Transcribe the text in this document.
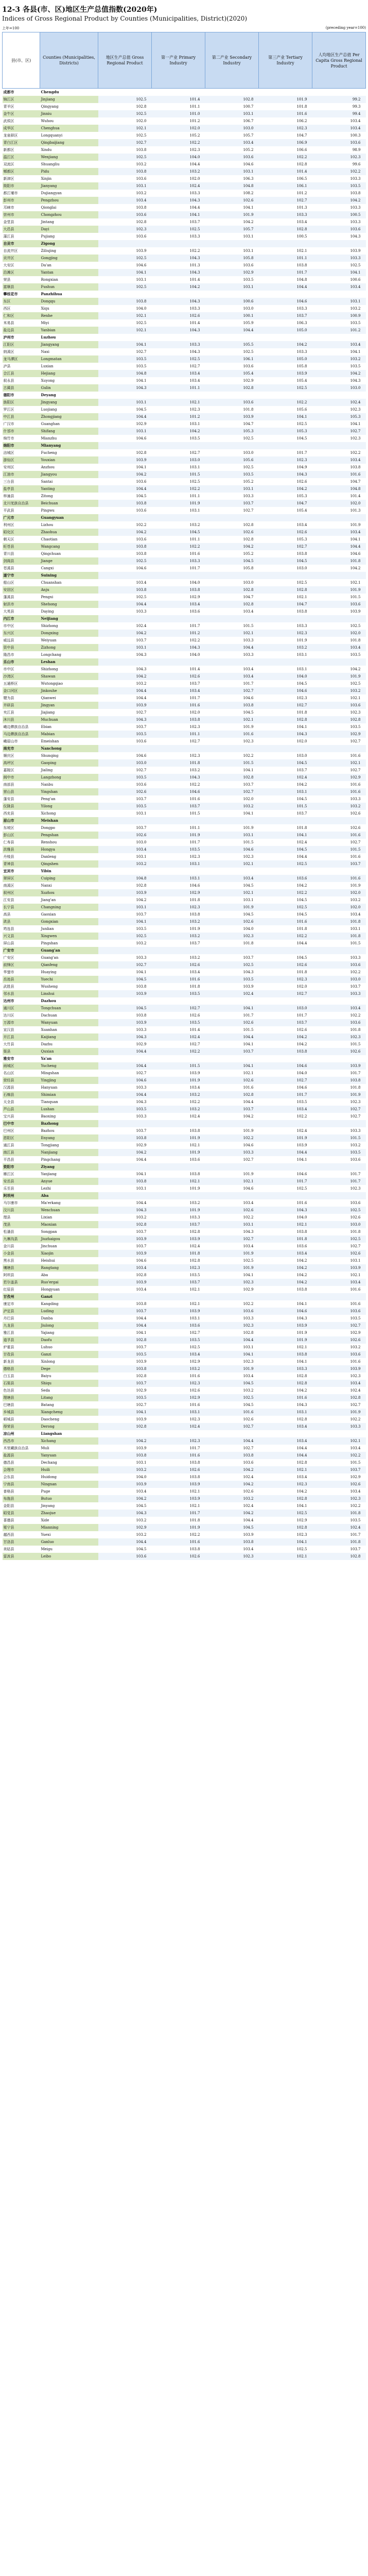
12-3 各县(市、区)地区生产总值指数(2020年)
Indices of Gross Regional Product by Counties (Municipalities, District)(2020)
上年=100	(preceding year=100)
县(市、区)	Counties (Municipalities, Districts)	地区生产总值 Gross Regional Product	第一产业 Primary Industry	第二产业 Secondary Industry	第三产业 Tertiary Industry	人均地区生产总值 Per Capita Gross Regional Product
成都市	Chengdu					
锦江区	Jinjiang	102.5	101.4	102.8	101.9	99.2
青羊区	Qingyang	102.8	101.1	100.7	101.8	99.3
金牛区	Jinniu	102.5	101.0	103.1	101.6	99.4
武侯区	Wuhou	102.0	101.2	106.7	106.2	103.4
成华区	Chenghua	102.1	102.0	103.0	102.3	103.4
龙泉驿区	Longquanyi	102.5	105.2	105.7	104.7	100.3
青白江区	Qingbaijiang	102.7	102.2	103.4	106.9	103.6
新都区	Xindu	103.8	102.3	105.2	106.6	98.9
温江区	Wenjiang	102.5	104.0	103.6	102.2	102.3
双流区	Shuangliu	103.2	104.4	104.6	102.8	99.6
郫都区	Pidu	103.8	103.2	103.1	101.4	102.2
新津区	Xinjin	103.6	102.0	106.3	106.5	103.3
简阳市	Jianyang	103.1	102.4	104.8	106.1	103.5
都江堰市	Dujiangyan	103.2	103.3	108.2	101.2	103.8
彭州市	Pengzhou	103.4	104.3	102.6	102.7	104.2
邛崃市	Qionglai	103.8	104.4	104.1	101.3	103.3
崇州市	Chongzhou	103.6	104.1	101.9	103.3	100.5
金堂县	Jintang	102.8	103.7	104.2	103.4	103.3
大邑县	Dayi	102.3	102.5	105.7	102.8	103.6
蒲江县	Pujiang	103.6	103.3	103.1	100.5	104.3
自贡市	Zigong					
自流井区	Ziliujing	103.9	102.2	103.1	102.1	103.9
贡井区	Gongjing	102.5	104.3	105.8	101.1	103.3
大安区	Da'an	104.6	101.3	103.6	103.8	102.5
沿滩区	Yantan	104.1	104.3	102.9	101.7	104.1
荣县	Rongxian	103.1	101.4	103.5	104.8	100.6
富顺县	Fushun	102.5	104.2	103.1	104.4	103.4
攀枝花市	Panzhihua					
东区	Dongqu	103.8	104.3	100.6	104.6	103.1
西区	Xiqu	104.0	103.3	103.0	103.3	103.2
仁和区	Renhe	102.1	102.6	100.1	103.7	100.9
米易县	Miyi	102.5	101.4	105.9	106.3	103.5
盐边县	Yanbian	102.1	104.3	104.4	105.0	101.2
泸州市	Luzhou					
江阳区	Jiangyang	104.1	103.3	105.5	104.2	103.4
纳溪区	Naxi	102.7	104.3	102.5	103.3	104.1
龙马潭区	Longmatan	103.5	102.5	106.1	105.0	103.2
泸县	Luxian	103.5	102.7	103.6	105.8	103.5
合江县	Hejiang	104.8	103.4	105.4	103.9	104.2
叙永县	Xuyong	104.1	103.4	102.9	105.4	104.3
古蔺县	Gulin	104.3	101.1	102.8	102.5	103.0
德阳市	Deyang					
旌阳区	Jingyang	103.1	102.1	103.6	102.2	102.4
罗江区	Luojiang	104.5	102.3	101.8	105.6	102.3
中江县	Zhongjiang	104.4	101.2	103.9	104.1	105.3
广汉市	Guanghan	102.9	103.1	104.7	102.5	104.1
什邡市	Shifang	103.1	104.2	105.3	105.3	102.7
绵竹市	Mianzhu	104.6	103.5	102.5	104.5	102.3
绵阳市	Mianyang					
涪城区	Fucheng	102.8	102.7	103.0	101.7	102.2
游仙区	Youxian	103.9	103.0	105.6	102.3	103.4
安州区	Anzhou	104.1	103.1	102.5	104.9	103.8
江油市	Jiangyou	104.2	101.5	103.5	104.3	101.6
三台县	Santai	103.6	102.5	105.2	102.6	104.7
盐亭县	Yanting	104.4	102.2	103.1	104.2	104.8
梓潼县	Zitong	104.5	101.1	103.3	105.3	101.4
北川羌族自治县	Beichuan	103.8	101.9	103.7	104.7	102.0
平武县	Pingwu	103.6	103.1	102.7	105.4	101.3
广元市	Guangyuan					
利州区	Lizhou	102.2	103.2	102.8	103.4	101.9
昭化区	Zhaohua	104.2	104.5	102.6	102.6	103.4
朝天区	Chaotian	103.6	101.1	102.8	105.3	104.1
旺苍县	Wangcang	103.8	102.2	104.2	102.7	104.4
青川县	Qingchuan	103.8	101.6	105.2	103.8	104.6
剑阁县	Jiange	102.5	103.3	104.5	104.5	101.8
苍溪县	Cangxi	104.6	101.7	105.8	103.0	104.2
遂宁市	Suining					
船山区	Chuanshan	103.4	104.0	103.0	102.5	102.1
安居区	Anju	103.8	103.8	102.8	102.8	101.9
蓬溪县	Pengxi	102.5	102.9	104.7	102.1	101.5
射洪市	Shehong	104.4	103.4	102.8	104.7	103.6
大英县	Daying	103.3	103.6	103.4	103.8	103.9
内江市	Neijiang					
市中区	Shizhong	102.4	101.7	101.5	103.3	102.5
东兴区	Dongxing	104.2	101.2	102.1	102.3	102.0
威远县	Weiyuan	103.7	102.2	103.3	101.9	101.8
资中县	Zizhong	103.1	104.3	104.4	103.2	103.4
隆昌市	Longchang	104.3	104.0	103.3	103.1	103.5
乐山市	Leshan					
市中区	Shizhong	104.3	101.4	103.4	103.1	104.2
沙湾区	Shawan	104.2	102.6	103.4	104.0	101.9
五通桥区	Wutongqiao	103.2	103.7	101.7	104.5	102.5
金口河区	Jinkouhe	104.4	103.4	102.7	104.6	103.2
犍为县	Qianwei	104.4	101.7	104.6	102.3	102.1
井研县	Jingyan	103.9	101.6	103.8	102.7	103.6
夹江县	Jiajiang	102.7	102.0	104.5	101.8	102.3
沐川县	Muchuan	104.3	103.8	102.1	102.8	102.8
峨边彝族自治县	Ebian	103.7	102.3	101.9	104.1	103.5
马边彝族自治县	Mabian	103.5	101.1	101.6	104.3	102.9
峨眉山市	Emeishan	103.6	102.7	102.3	102.0	102.7
南充市	Nanchong					
顺庆区	Shunqing	104.6	102.3	102.2	103.0	101.6
高坪区	Gaoping	103.0	101.8	101.5	104.5	102.1
嘉陵区	Jialing	102.7	103.2	104.1	103.7	102.7
阆中市	Langzhong	103.5	104.3	102.8	102.4	102.9
南部县	Nanbu	103.6	102.2	103.7	104.2	101.6
营山县	Yingshan	102.6	104.6	102.7	103.1	101.6
蓬安县	Peng'an	103.7	101.6	102.0	104.5	103.3
仪陇县	Yilong	103.5	103.7	103.2	101.5	103.2
西充县	Xichong	103.1	101.5	104.1	103.7	102.6
眉山市	Meishan					
东坡区	Dongpo	103.7	101.1	101.9	101.8	102.6
彭山区	Pengshan	102.6	101.9	103.1	104.1	101.6
仁寿县	Renshou	103.0	101.7	101.5	102.4	102.7
洪雅县	Hongya	103.4	103.5	104.6	104.5	101.5
丹棱县	Danleng	103.1	102.3	102.3	104.4	101.6
青神县	Qingshen	103.2	103.1	102.1	102.5	103.7
宜宾市	Yibin					
翠屏区	Cuiping	104.8	103.1	103.4	103.6	101.6
南溪区	Nanxi	102.8	104.6	104.5	104.2	101.9
叙州区	Xuzhou	103.9	102.9	102.1	102.2	102.0
江安县	Jiang'an	104.2	101.8	103.1	104.5	103.2
长宁县	Changning	103.1	102.3	101.9	102.5	102.0
高县	Gaoxian	103.7	103.8	104.5	104.5	103.4
珙县	Gongxian	104.1	103.2	102.6	101.6	101.8
筠连县	Junlian	103.5	101.9	104.0	101.8	103.1
兴文县	Xingwen	102.5	103.2	102.3	102.2	101.8
屏山县	Pingshan	103.2	103.7	101.8	104.4	101.5
广安市	Guang'an					
广安区	Guang'an	103.3	103.2	103.7	104.5	103.3
前锋区	Qianfeng	102.7	102.6	102.5	102.6	103.6
华蓥市	Huaying	104.1	103.4	104.3	101.8	102.2
岳池县	Yuechi	104.5	101.6	103.5	102.3	103.0
武胜县	Wusheng	103.8	101.8	103.9	102.0	103.7
邻水县	Linshui	103.9	103.5	102.4	102.7	103.3
达州市	Dazhou					
通川区	Tongchuan	104.5	102.7	104.1	103.0	103.4
达川区	Dachuan	103.8	102.6	101.7	101.7	102.2
万源市	Wanyuan	103.9	103.5	102.6	103.7	103.6
宣汉县	Xuanhan	103.3	101.4	101.5	102.6	101.8
开江县	Kaijiang	104.3	102.4	104.4	104.2	102.3
大竹县	Dazhu	102.9	102.7	104.1	104.2	101.5
渠县	Quxian	104.4	102.2	103.7	103.8	102.6
雅安市	Ya'an					
雨城区	Yucheng	104.4	101.5	104.1	104.6	103.9
名山区	Mingshan	102.7	103.9	102.1	104.0	101.7
荥经县	Yingjing	104.6	101.9	102.6	102.7	103.8
汉源县	Hanyuan	103.3	103.4	101.6	104.6	101.8
石棉县	Shimian	104.4	103.2	102.8	101.7	101.9
天全县	Tianquan	104.3	102.2	104.4	103.5	102.3
芦山县	Lushan	103.5	103.2	103.7	103.4	102.7
宝兴县	Baoxing	103.3	102.4	104.2	102.2	102.7
巴中市	Bazhong					
巴州区	Bazhou	103.7	103.8	101.9	102.4	103.3
恩阳区	Enyang	103.8	101.9	102.2	101.9	101.5
通江县	Tongjiang	102.9	102.1	104.6	103.9	103.2
南江县	Nanjiang	104.2	101.9	103.3	104.4	103.5
平昌县	Pingchang	104.4	103.6	102.7	104.1	103.6
资阳市	Ziyang					
雁江区	Yanjiang	104.1	103.8	101.9	104.6	101.7
安岳县	Anyue	103.8	102.1	102.1	101.7	101.7
乐至县	Lezhi	103.1	101.9	104.6	102.5	102.3
阿坝州	Aba					
马尔康市	Ma'erkang	104.4	103.2	103.4	101.6	103.6
汶川县	Wenchuan	104.3	101.9	102.6	104.3	102.5
理县	Lixian	103.2	103.3	102.2	104.0	102.6
茂县	Maoxian	102.8	103.7	103.1	102.1	103.0
松潘县	Songpan	103.7	102.8	104.3	103.8	101.8
九寨沟县	Jiuzhaigou	103.9	103.9	102.7	101.8	102.5
金川县	Jinchuan	103.7	102.4	103.4	103.6	102.7
小金县	Xiaojin	103.9	101.8	101.9	103.4	102.6
黑水县	Heishui	104.6	102.8	102.5	104.2	103.1
壤塘县	Rangtang	103.4	102.3	101.9	104.2	103.9
阿坝县	Aba	102.8	103.5	104.1	104.2	102.1
若尔盖县	Ruo'ergai	103.9	103.7	102.3	104.2	103.4
红原县	Hongyuan	103.4	102.1	102.9	103.8	101.6
甘孜州	Ganzi					
康定市	Kangding	103.8	102.1	102.2	104.1	101.6
泸定县	Luding	103.7	103.9	103.6	104.6	103.6
丹巴县	Danba	104.4	103.1	103.3	104.3	103.5
九龙县	Jiulong	104.4	103.6	102.3	103.9	102.7
雅江县	Yajiang	104.1	102.7	102.8	101.9	102.9
道孚县	Daofu	102.8	103.5	104.4	101.9	102.6
炉霍县	Luhuo	103.7	102.5	103.1	102.1	103.2
甘孜县	Ganzi	103.5	103.4	104.1	103.8	103.6
新龙县	Xinlong	103.9	102.9	102.3	104.1	101.6
德格县	Dege	103.8	103.2	101.9	103.3	103.9
白玉县	Baiyu	102.8	101.6	103.4	102.8	102.3
石渠县	Shiqu	103.7	102.3	104.5	102.8	103.4
色达县	Seda	102.9	102.6	103.2	104.2	102.4
理塘县	Litang	103.5	102.9	102.5	101.6	102.8
巴塘县	Batang	102.7	101.6	104.5	104.3	102.7
乡城县	Xiangcheng	104.1	103.1	101.6	103.1	101.9
稻城县	Daocheng	103.9	102.3	102.6	102.8	102.2
得荣县	Derong	102.8	102.4	102.7	103.4	103.3
凉山州	Liangshan					
西昌市	Xichang	104.2	102.3	104.4	103.4	102.1
木里藏族自治县	Muli	103.9	101.7	102.7	104.4	103.4
盐源县	Yanyuan	103.8	101.6	103.8	104.4	102.2
德昌县	Dechang	103.1	103.8	103.6	102.8	101.5
会理市	Huili	103.2	102.6	104.2	102.1	103.7
会东县	Huidong	104.0	103.8	102.4	103.4	102.9
宁南县	Ningnan	103.9	103.9	104.2	102.3	102.6
普格县	Puge	103.4	102.1	102.6	104.2	103.4
布拖县	Butuo	104.2	103.9	103.2	102.8	102.3
金阳县	Jinyang	104.5	102.1	102.4	104.1	102.2
昭觉县	Zhaojue	104.3	101.7	104.2	102.5	101.8
喜德县	Xide	103.2	101.8	104.4	102.9	103.5
冕宁县	Mianning	102.9	101.9	104.5	102.8	102.4
越西县	Yuexi	103.2	102.2	103.9	102.3	101.7
甘洛县	Ganluo	104.4	101.6	103.8	104.1	101.8
美姑县	Meigu	104.5	103.8	103.4	102.5	103.7
雷波县	Leibo	103.6	102.6	102.3	102.1	102.8
